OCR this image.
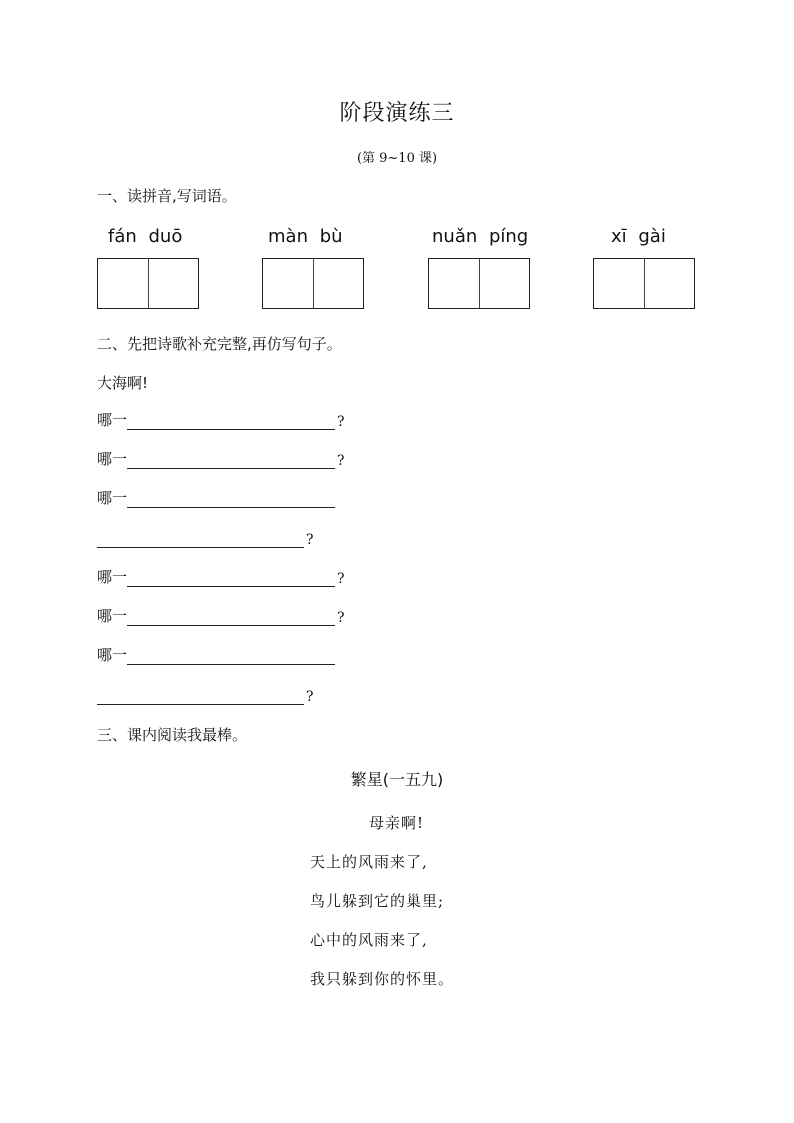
阶段演练三
(第 9~10 课)
一、读拼音,写词语。
fán duō	màn bù	nuǎn píng	xī gài
二、先把诗歌补充完整,再仿写句子。
大海啊!
哪一	?
哪一	?
哪一
?
哪一	?
哪一	?
哪一
?
三、课内阅读我最棒。
繁星(一五九)
母亲啊!
天上的风雨来了,
鸟儿躲到它的巢里;
心中的风雨来了,
我只躲到你的怀里。
